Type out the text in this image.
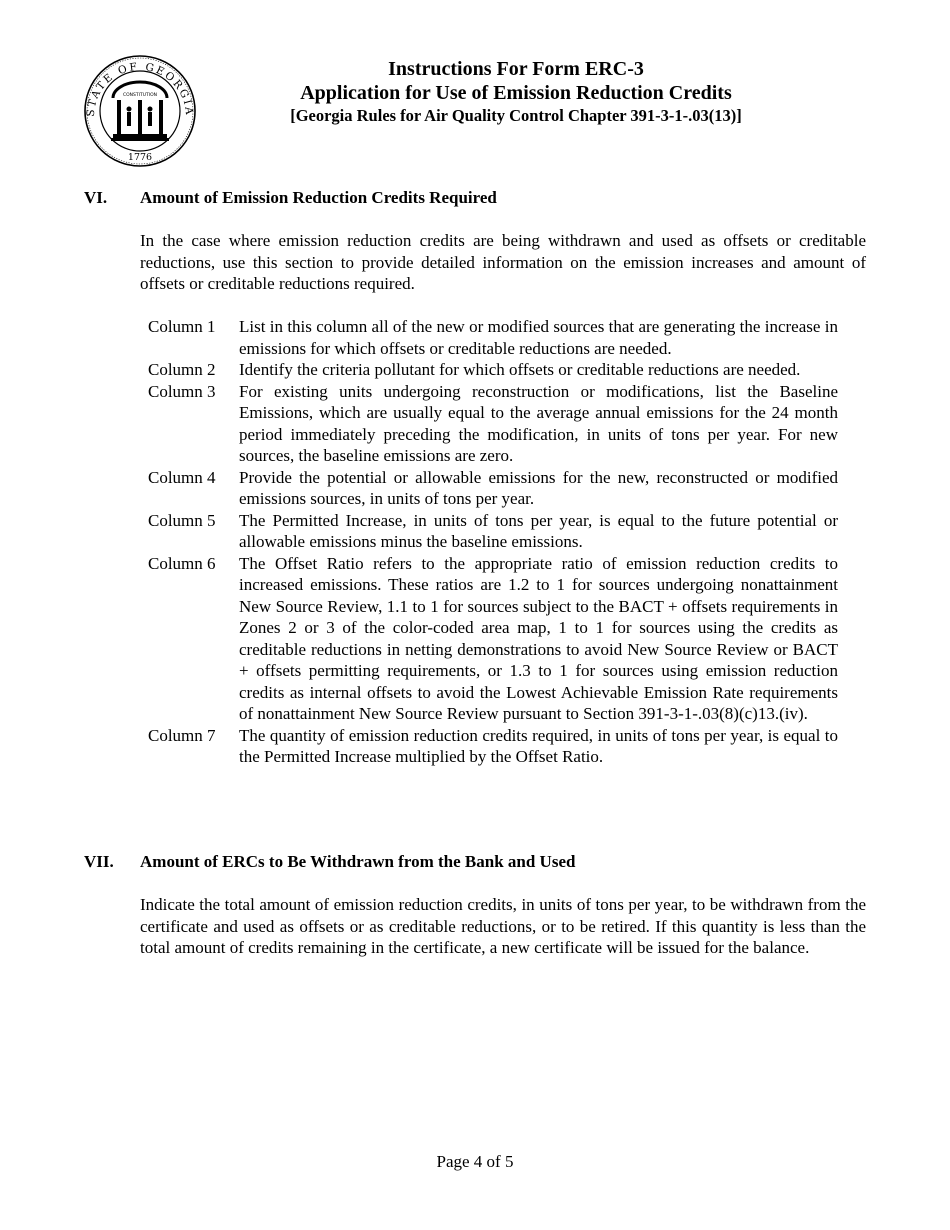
STATE OF GEORGIA
1776
CONSTITUTION
Instructions For Form ERC-3
Application for Use of Emission Reduction Credits
[Georgia Rules for Air Quality Control Chapter 391-3-1-.03(13)]
VI. Amount of Emission Reduction Credits Required
In the case where emission reduction credits are being withdrawn and used as offsets or creditable reductions, use this section to provide detailed information on the emission increases and amount of offsets or creditable reductions required.
Column 1	List in this column all of the new or modified sources that are generating the increase in emissions for which offsets or creditable reductions are needed.
Column 2	Identify the criteria pollutant for which offsets or creditable reductions are needed.
Column 3	For existing units undergoing reconstruction or modifications, list the Baseline Emissions, which are usually equal to the average annual emissions for the 24 month period immediately preceding the modification, in units of tons per year. For new sources, the baseline emissions are zero.
Column 4	Provide the potential or allowable emissions for the new, reconstructed or modified emissions sources, in units of tons per year.
Column 5	The Permitted Increase, in units of tons per year, is equal to the future potential or allowable emissions minus the baseline emissions.
Column 6	The Offset Ratio refers to the appropriate ratio of emission reduction credits to increased emissions. These ratios are 1.2 to 1 for sources undergoing nonattainment New Source Review, 1.1 to 1 for sources subject to the BACT + offsets requirements in Zones 2 or 3 of the color-coded area map, 1 to 1 for sources using the credits as creditable reductions in netting demonstrations to avoid New Source Review or BACT + offsets permitting requirements, or 1.3 to 1 for sources using emission reduction credits as internal offsets to avoid the Lowest Achievable Emission Rate requirements of nonattainment New Source Review pursuant to Section 391-3-1-.03(8)(c)13.(iv).
Column 7	The quantity of emission reduction credits required, in units of tons per year, is equal to the Permitted Increase multiplied by the Offset Ratio.
VII. Amount of ERCs to Be Withdrawn from the Bank and Used
Indicate the total amount of emission reduction credits, in units of tons per year, to be withdrawn from the certificate and used as offsets or as creditable reductions, or to be retired. If this quantity is less than the total amount of credits remaining in the certificate, a new certificate will be issued for the balance.
Page 4 of 5
